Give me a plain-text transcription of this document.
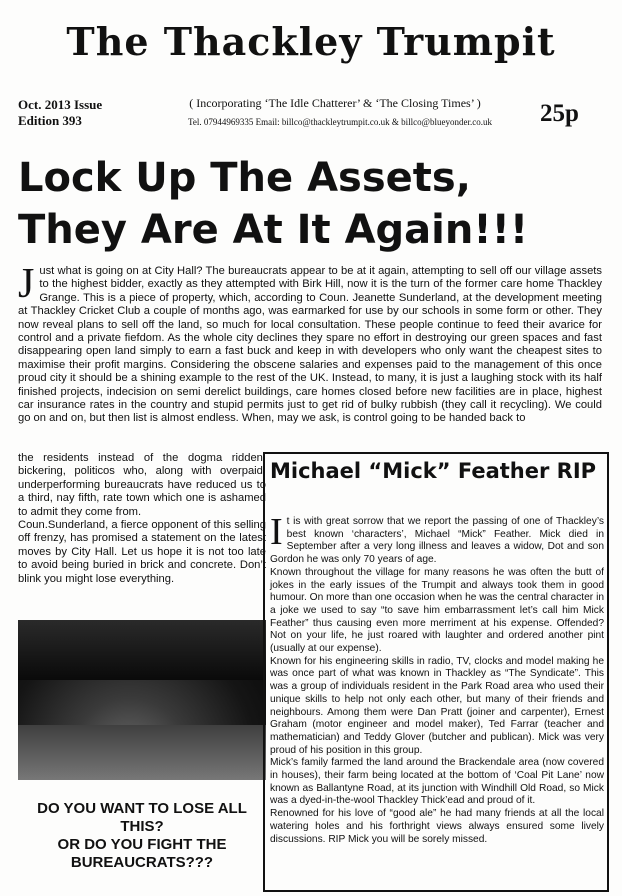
The Thackley Trumpit
Oct. 2013 Issue
Edition 393
( Incorporating ‘The Idle Chatterer’ & ‘The Closing Times’ )
Tel. 07944969335 Email: billco@thackleytrumpit.co.uk & billco@blueyonder.co.uk	25p
Lock Up The Assets,
They Are At It Again!!!
Just what is going on at City Hall? The bureaucrats appear to be at it again, attempting to sell off our village assets to the highest bidder, exactly as they attempted with Birk Hill, now it is the turn of the former care home Thackley Grange. This is a piece of property, which, according to Coun. Jeanette Sunderland, at the development meeting at Thackley Cricket Club a couple of months ago, was earmarked for use by our schools in some form or other. They now reveal plans to sell off the land, so much for local consultation. These people continue to feed their avarice for control and a private fiefdom. As the whole city declines they spare no effort in destroying our green spaces and fast disappearing open land simply to earn a fast buck and keep in with developers who only want the cheapest sites to maximise their profit margins. Considering the obscene salaries and expenses paid to the management of this once proud city it should be a shining example to the rest of the UK. Instead, to many, it is just a laughing stock with its half finished projects, indecision on semi derelict buildings, care homes closed before new facilities are in place, highest car insurance rates in the country and stupid permits just to get rid of bulky rubbish (they call it recycling). We could go on and on, but then list is almost endless. When, may we ask, is control going to be handed back to

the residents instead of the dogma ridden, bickering, politicos who, along with overpaid, underperforming bureaucrats have reduced us to a third, nay fifth, rate town which one is ashamed to admit they come from.

Coun.Sunderland, a fierce opponent of this selling off frenzy, has promised a statement on the latest moves by City Hall. Let us hope it is not too late to avoid being buried in brick and concrete. Don’t blink you might lose everything.

DO YOU WANT TO LOSE ALL THIS?
OR DO YOU FIGHT THE BUREAUCRATS???
Michael “Mick” Feather RIP

It is with great sorrow that we report the passing of one of Thackley’s best known ‘characters’, Michael “Mick” Feather. Mick died in September after a very long illness and leaves a widow, Dot and son Gordon he was only 70 years of age.

Known throughout the village for many reasons he was often the butt of jokes in the early issues of the Trumpit and always took them in good humour. On more than one occasion when he was the central character in a joke we used to say “to save him embarrassment let’s call him Mick Feather” thus causing even more merriment at his expense. Offended? Not on your life, he just roared with laughter and ordered another pint (usually at our expense).

Known for his engineering skills in radio, TV, clocks and model making he was once part of what was known in Thackley as “The Syndicate”. This was a group of individuals resident in the Park Road area who used their unique skills to help not only each other, but many of their friends and neighbours. Among them were Dan Pratt (joiner and carpenter), Ernest Graham (motor engineer and model maker), Ted Farrar (teacher and mathematician) and Teddy Glover (butcher and publican). Mick was very proud of his position in this group.

Mick’s family farmed the land around the Brackendale area (now covered in houses), their farm being located at the bottom of ‘Coal Pit Lane’ now known as Ballantyne Road, at its junction with Windhill Old Road, so Mick was a dyed-in-the-wool Thackley Thick’ead and proud of it.

Renowned for his love of “good ale” he had many friends at all the local watering holes and his forthright views always ensured some lively discussions. RIP Mick you will be sorely missed.
